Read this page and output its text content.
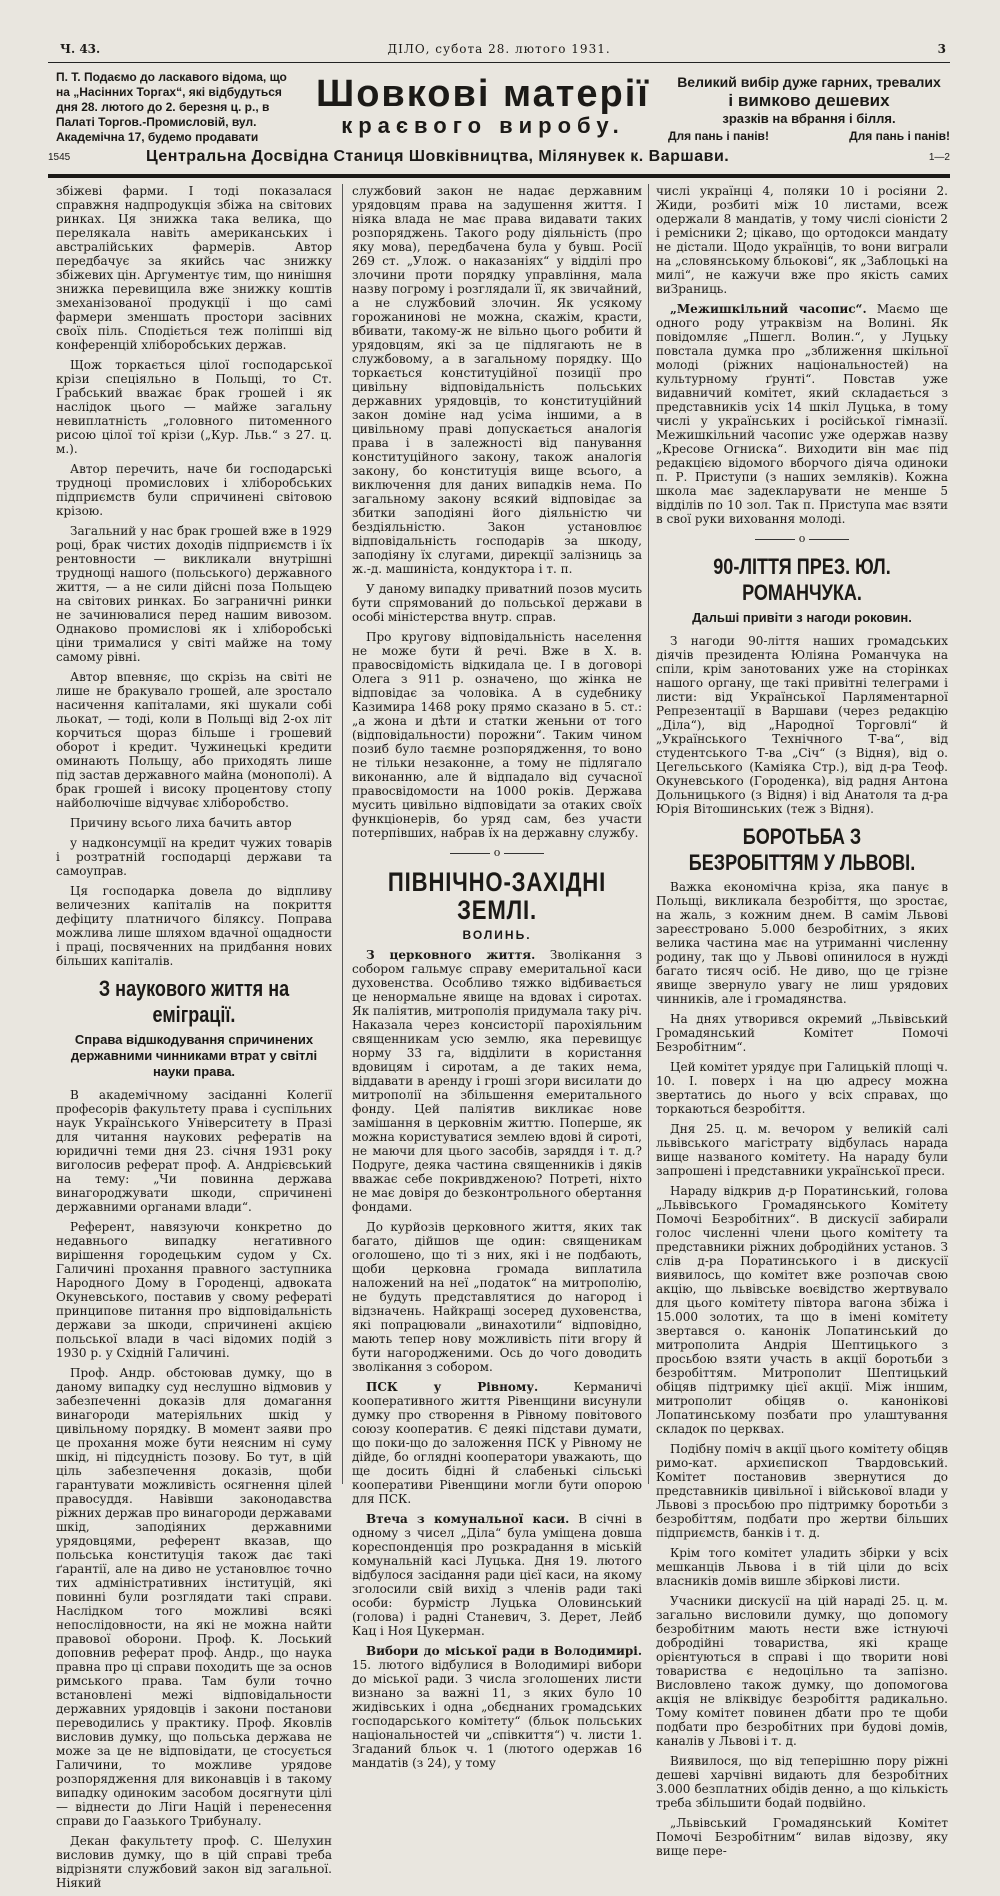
Ч. 43.	ДІЛО, субота 28. лютого 1931.	3
П. Т. Подаємо до ласкавого відома, що на „Насінних Торгах“, які відбудуться дня 28. лютого до 2. березня ц. р., в Палаті Торгов.-Промисловій, вул. Академічна 17, будемо продавати
Шовкові матерії
краєвого виробу.
Великий вибір дуже гарних, тревалих
і вимково дешевих
зразків на вбрання і білля.
Для пань і панів!	Для пань і панів!
1545	Центральна Досвідна Станиця Шовківництва, Мілянувек к. Варшави.	1—2

збіжеві фарми. І тоді показалася справжня надпродукція збіжа на світових ринках. Ця знижка така велика, що перелякала навіть американських і австралійських фармерів. Автор передбачує за якийсь час знижку збіжевих цін. Аргументує тим, що нинішня знижка перевищила вже знижку коштів змеханізованої продукції і що самі фармери зменшать простори засівних своїх піль. Сподіється теж поліпші від конференцій хліборобських держав.

Щож торкається цілої господарської крізи спеціяльно в Польщі, то Ст. Ґрабський вважає брак грошей і як наслідок цього — майже загальну невиплатність „головного питоменного рисою цілої тої крізи („Кур. Льв.“ з 27. ц. м.).

Автор перечить, наче би господарські трудноці промислових і хліборобських підприємств були спричинені світовою крізою.

Загальний у нас брак грошей вже в 1929 році, брак чистих доходів підприємств і їх рентовности — викликали внутрішні труднощі нашого (польського) державного життя, — а не сили дійсні поза Польщею на світових ринках. Бо заграничні ринки не зачинювалися перед нашим вивозом. Однаково промислові як і хліборобські ціни трималися у світі майже на тому самому рівні.

Автор впевняє, що скрізь на світі не лише не бракувало грошей, але зростало насичення капіталами, які шукали собі льокат, — тоді, коли в Польщі від 2-ох літ корчиться щораз більше і грошевий оборот і кредит. Чужинецькі кредити оминають Польщу, або приходять лише під застав державного майна (монополі). А брак грошей і високу процентову стопу найболючіше відчуває хліборобство.

Причину всього лиха бачить автор

у надконсумції на кредит чужих товарів і розтратній господарці держави та самоуправ.

Ця господарка довела до відпливу величезних капіталів на покриття дефіциту платничого біляксу. Поправа можлива лише шляхом вдачної ощадности і праці, посвяченних на придбання нових більших капіталів.

З наукового життя на еміграції.
Справа відшкодування спричинених державними чинниками втрат у світлі науки права.

В академічному засіданні Колегії професорів факультету права і суспільних наук Українського Університету в Празі для читання наукових рефератів на юридичні теми дня 23. січня 1931 року виголосив реферат проф. А. Андрієвський на тему: „Чи повинна держава винагороджувати шкоди, спричинені державними органами влади“.

Референт, навязуючи конкретно до недавнього випадку негативного вирішення городецьким судом у Сх. Галичині прохання правного заступника Народного Дому в Городенці, адвоката Окуневського, поставив у свому рефераті принципове питання про відповідальність держави за шкоди, спричинені акцією польської влади в часі відомих подій з 1930 р. у Східній Галичині.

Проф. Андр. обстоював думку, що в даному випадку суд неслушно відмовив у забезпеченні доказів для домагання винагороди матеріяльних шкід у цивільному порядку. В момент заяви про це прохання може бути неясним ні суму шкід, ні підсудність позову. Бо тут, в цій ціль забезпечення доказів, щоби гарантувати можливість осягнення цілей правосуддя. Навівши законодавства ріжних держав про винагороди державами шкід, заподіяних державними урядовцями, референт вказав, що польська конституція також дає такі ґарантії, але на диво не установлює точно тих адміністративних інституцій, які повинні були розглядати такі справи. Наслідком того можливі всякі непослідовности, на які не можна найти правової оборони. Проф. К. Лоський доповнив реферат проф. Андр., що наука правна про ці справи походить ще за основ римського права. Там були точно встановлені межі відповідальности державних урядовців і закони постанови переводились у практику. Проф. Яковлів висловив думку, що польська держава не може за це не відповідати, це стосується Галичини, то можливе урядове розпорядження для виконавців і в такому випадку одиноким засобом досягнути цілі — віднести до Ліги Націй і перенесення справи до Гаазького Трибуналу.

Декан факультету проф. С. Шелухин висловив думку, що в цій справі треба відрізняти службовий закон від загальної. Ніякий

службовий закон не надає державним урядовцям права на задушення життя. І ніяка влада не має права видавати таких розпоряджень. Такого роду діяльність (про яку мова), передбачена була у бувш. Росії 269 ст. „Улож. о наказаніях“ у відділі про злочини проти порядку управління, мала назву погрому і розглядали її, як звичайний, а не службовий злочин. Як усякому горожанинові не можна, скажім, красти, вбивати, такому-ж не вільно цього робити й урядовцям, які за це підлягають не в службовому, а в загальному порядку. Що торкається конституційної позиції про цивільну відповідальність польських державних урядовців, то конституційний закон доміне над усіма іншими, а в цивільному праві допускається аналогія права і в залежності від панування конституційного закону, також аналогія закону, бо конституція вище всього, а виключення для даних випадків нема. По загальному закону всякий відповідає за збитки заподіяні його діяльністю чи бездіяльністю. Закон установлює відповідальність господарів за шкоду, заподіяну їх слугами, дирекції залізниць за ж.-д. машиніста, кондуктора і т. п.

У даному випадку приватний позов мусить бути спрямований до польської держави в особі міністерства внутр. справ.

Про кругову відповідальність населення не може бути й речі. Вже в Х. в. правосвідомість відкидала це. І в договорі Олега з 911 р. означено, що жінка не відповідає за чоловіка. А в судебнику Казимира 1468 року прямо сказано в 5. ст.: „а жона и дѣти и статки женьни от того (відповідальности) порожни“. Таким чином позиб було таємне розпорядження, то воно не тільки незаконне, а тому не підлягало виконанню, але й відпадало від сучасної правосвідомости на 1000 років. Держава мусить цивільно відповідати за отаких своїх функціонерів, бо уряд сам, без участи потерпівших, набрав їх на державну службу.

o
ПІВНІЧНО-ЗАХІДНІ ЗЕМЛІ.
ВОЛИНЬ.

З церковного життя. Зволікання з собором гальмує справу емеритальної каси духовенства. Особливо тяжко відбивається це ненормальне явище на вдовах і сиротах. Як паліятив, митрополія придумала таку річ. Наказала через консисторії парохіяльним священникам усю землю, яка перевищує норму 33 га, відділити в користання вдовицям і сиротам, а де таких нема, віддавати в аренду і гроші згори висилати до митрополії на збільшення емеритального фонду. Цей паліятив викликає нове замішання в церковнім життю. Поперше, як можна користуватися землею вдові й сироті, не маючи для цього засобів, заряддя і т. д.? Подруге, деяка частина священників і дяків вважає себе покривдженою? Потреті, ніхто не має довіря до безконтрольного обертання фондами.

До курйозів церковного життя, яких так багато, дійшов ще один: священикам оголошено, що ті з них, які і не подбають, щоби церковна громада виплатила наложений на неї „податок“ на митрополію, не будуть представлятися до нагород і відзначень. Найкращі зосеред духовенства, які попрацювали „винахотили“ відповідно, мають тепер нову можливість піти вгору й бути нагородженими. Ось до чого доводить зволікання з собором.

ПСК у Рівному. Керманичі кооперативного життя Рівенщини висунули думку про створення в Рівному повітового союзу кооператив. Є деякі підстави думати, що поки-що до заложення ПСК у Рівному не дійде, бо оглядні кооператори уважають, що ще досить бідні й слабенькі сільські кооперативи Рівенщини могли бути опорою для ПСК.

Втеча з комунальної каси. В січні в одному з чисел „Діла“ була уміщена довша кореспонденція про розкрадання в міській комунальній касі Луцька. Дня 19. лютого відбулося засідання ради цієї каси, на якому зголосили свій вихід з членів ради такі особи: бурмістр Луцька Оловинський (голова) і радні Станевич, З. Дерет, Лейб Кац і Ноя Цукерман.

Вибори до міської ради в Володимирі. 15. лютого відбулися в Володимирі вибори до міської ради. З числа зголошених листи визнано за важні 11, з яких було 10 жидівських і одна „обєднаних громадських господарського комітету“ (бльок польських національностей чи „співкиття“) ч. листи 1. Згаданий бльок ч. 1 (лютого одержав 16 мандатів (з 24), у тому

числі українці 4, поляки 10 і росіяни 2. Жиди, розбиті між 10 листами, всеж одержали 8 мандатів, у тому числі сіоністи 2 і ремісники 2; цікаво, що ортодокси мандату не дістали. Щодо українців, то вони виграли на „словянському бльокові“, як „Заблоцькі на милі“, не кажучи вже про якість самих виЗраниць.

„Межишкільний часопис“. Маємо ще одного роду утраквізм на Волині. Як повідомляє „Пшегл. Волин.“, у Луцьку повстала думка про „зближення шкільної молоді (ріжних національностей) на культурному ґрунті“. Повстав уже видавничий комітет, який складається з представників усіх 14 шкіл Луцька, в тому числі у українських і російської гімназії. Межишкільний часопис уже одержав назву „Кресове Огниска“. Виходити він має під редакцією відомого вборчого діяча одиноки п. Р. Приступи (з наших земляків). Кожна школа має задекларувати не менше 5 відділів по 10 зол. Так п. Приступа має взяти в свої руки виховання молоді.

o
90-ЛІТТЯ ПРЕЗ. ЮЛ. РОМАНЧУКА.
Дальші привіти з нагоди роковин.

З нагоди 90-ліття наших громадських діячів президента Юліяна Романчука на спіли, крім занотованих уже на сторінках нашого органу, ще такі привітні телеграми і листи: від Української Парляментарної Репрезентації в Варшави (через редакцію „Діла“), від „Народної Торговлі“ й „Українського Технічного Т-ва“, від студентського Т-ва „Січ“ (з Відня), від о. Цегельського (Каміяка Стр.), від д-ра Теоф. Окуневського (Городенка), від радня Антона Дольницького (з Відня) і від Анатоля та д-ра Юрія Вітошинських (теж з Відня).

БОРОТЬБА З БЕЗРОБІТТЯМ У ЛЬВОВІ.

Важка економічна кріза, яка панує в Польщі, викликала безробіття, що зростає, на жаль, з кожним днем. В самім Львові зареєстровано 5.000 безробітних, з яких велика частина має на утриманні численну родину, так що у Львові опинилося в нужді багато тисяч осіб. Не диво, що це грізне явище звернуло увагу не лиш урядових чинників, але і громадянства.

На днях утворився окремий „Львівський Громадянський Комітет Помочі Безробітним“.

Цей комітет урядує при Галицькій площі ч. 10. І. поверх і на цю адресу можна звертатись до нього у всіх справах, що торкаються безробіття.

Дня 25. ц. м. вечором у великій салі львівського магістрату відбулась нарада вище названого комітету. На нараду були запрошені і представники української преси.

Нараду відкрив д-р Поратинський, голова „Львівського Громадянського Комітету Помочі Безробітних“. В дискусії забирали голос численні члени цього комітету та представники ріжних добродійних установ. З слів д-ра Поратинського і в дискусії виявилось, що комітет вже розпочав свою акцію, що львівське воєвідство жертвувало для цього комітету півтора вагона збіжа і 15.000 золотих, та що в імені комітету звертався о. канонік Лопатинський до митрополита Андрія Шептицького з просьбою взяти участь в акції боротьби з безробіттям. Митрополит Шептицький обіцяв підтримку цієї акції. Між іншим, митрополит обіцяв о. канонікові Лопатинському позбати про улаштування складок по церквах.

Подібну поміч в акції цього комітету обіцяв римо-кат. архиєпископ Твардовський. Комітет постановив звернутися до представників цивільної і військової влади у Львові з просьбою про підтримку боротьби з безробіттям, подбати про жертви більших підприємств, банків і т. д.

Крім того комітет уладить збірки у всіх мешканців Львова і в тій ціли до всіх власників домів вишле збіркові листи.

Учасники дискусії на цій нараді 25. ц. м. загально висловили думку, що допомогу безробітним мають нести вже істнуючі добродійні товариства, які краще орієнтуються в справі і що творити нові товариства є недоцільно та запізно. Висловлено також думку, що допомогова акція не вліквідує безробіття радикально. Тому комітет повинен дбати про те щоби подбати про безробітних при будові домів, каналів у Львові і т. д.

Виявилося, що від теперішню пору ріжні дешеві харчівні видають для безробітних 3.000 безплатних обідів денно, а що кількість треба збільшити бодай подвійно.

„Львівський Громадянський Комітет Помочі Безробітним“ вилав відозву, яку вище пере-
